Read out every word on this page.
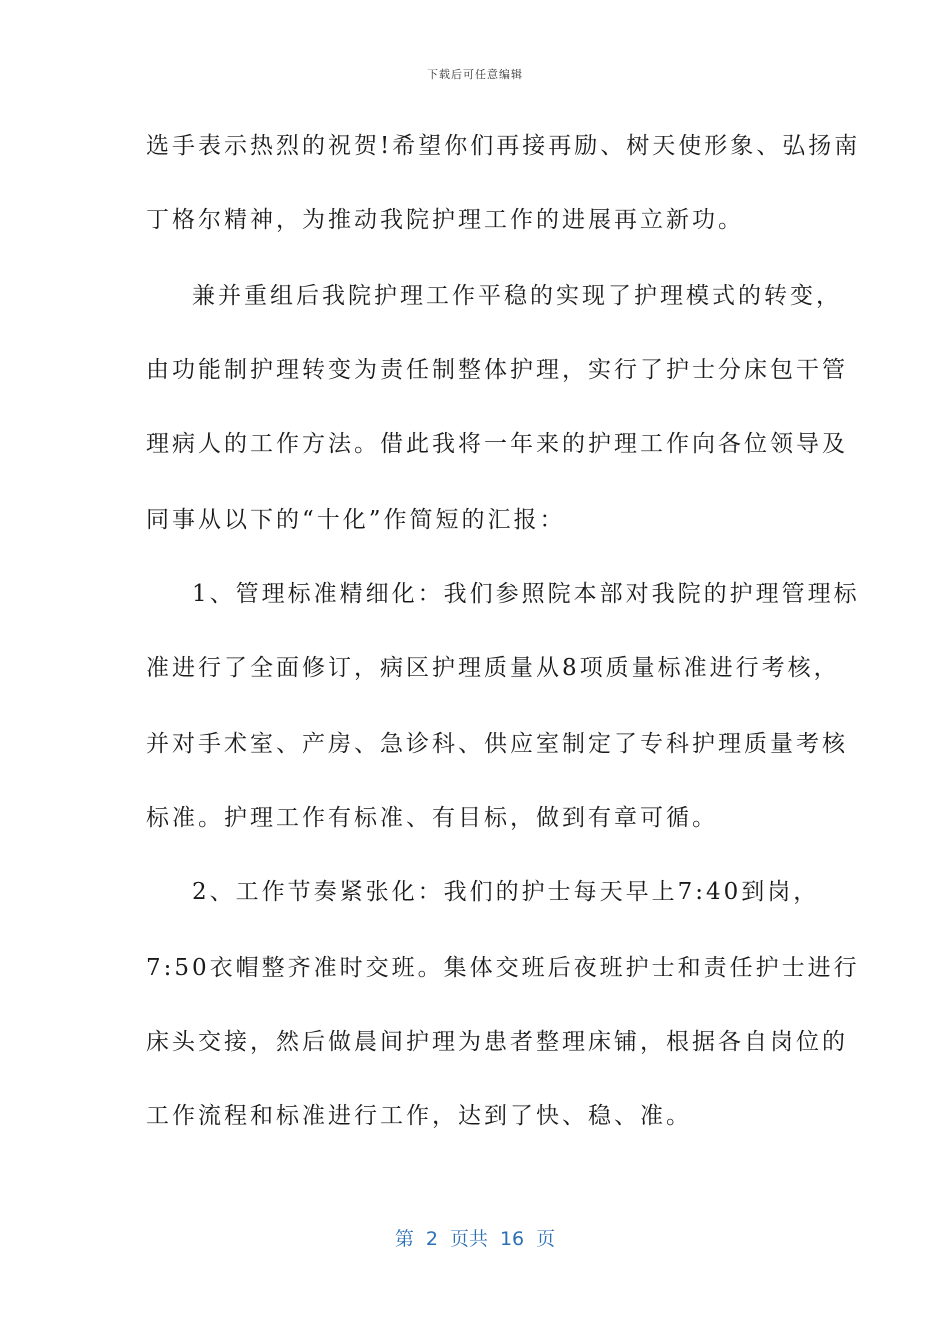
下载后可任意编辑
选手表示热烈的祝贺!希望你们再接再励、树天使形象、弘扬南
丁格尔精神，为推动我院护理工作的进展再立新功。
兼并重组后我院护理工作平稳的实现了护理模式的转变，
由功能制护理转变为责任制整体护理，实行了护士分床包干管
理病人的工作方法。借此我将一年来的护理工作向各位领导及
同事从以下的“十化”作简短的汇报：
1、管理标准精细化：我们参照院本部对我院的护理管理标
准进行了全面修订，病区护理质量从8项质量标准进行考核，
并对手术室、产房、急诊科、供应室制定了专科护理质量考核
标准。护理工作有标准、有目标，做到有章可循。
2、工作节奏紧张化：我们的护士每天早上7:40到岗，
7:50衣帽整齐准时交班。集体交班后夜班护士和责任护士进行
床头交接，然后做晨间护理为患者整理床铺，根据各自岗位的
工作流程和标准进行工作，达到了快、稳、准。
第 2 页共 16 页
